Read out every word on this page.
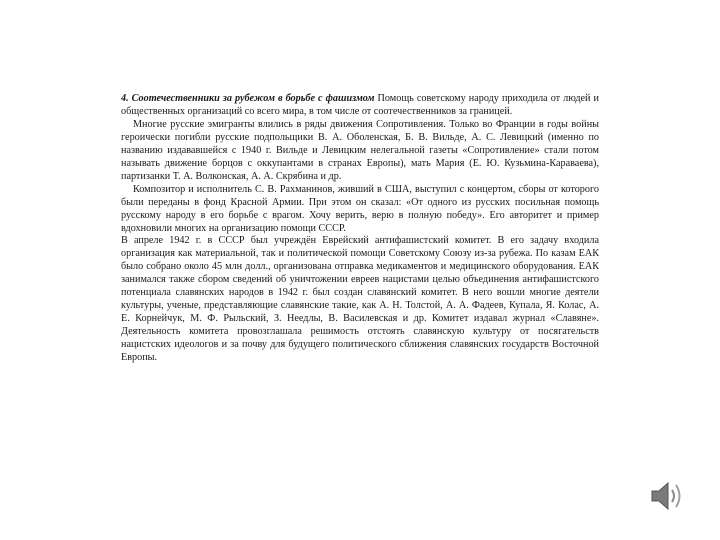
4. Соотечественники за рубежом в борьбе с фашизмом Помощь советскому народу приходила от людей и общественных организаций со всего мира, в том числе от соотечественников за границей.

Многие русские эмигранты влились в ряды движения Сопротивления. Только во Франции в годы войны героически погибли русские подпольщики В. А. Оболенская, Б. В. Вильде, А. С. Левицкий (именно по названию издававшейся с 1940 г. Вильде и Левицким нелегальной газеты «Сопротивление» стали потом называть движение борцов с оккупантами в странах Европы), мать Мария (Е. Ю. Кузьмина-Караваева), партизанки Т. А. Волконская, А. А. Скрябина и др.

Композитор и исполнитель С. В. Рахманинов, живший в США, выступил с концертом, сборы от которого были переданы в фонд Красной Армии. При этом он сказал: «От одного из русских посильная помощь русскому народу в его борьбе с врагом. Хочу верить, верю в полную победу». Его авторитет и пример вдохновили многих на организацию помощи СССР.

В апреле 1942 г. в СССР был учреждён Еврейский антифашистский комитет. В его задачу входила организация как материальной, так и политической помощи Советскому Союзу из-за рубежа. По казам ЕАК было собрано около 45 млн долл., организована отправка медикаментов и медицинского оборудования. ЕАК занимался также сбором сведений об уничтожении евреев нацистами целью объединения антифашистского потенциала славянских народов в 1942 г. был создан славянский комитет. В него вошли многие деятели культуры, ученые, представляющие славянские такие, как А. Н. Толстой, А. А. Фадеев, Купала, Я. Колас, А. Е. Корнейчук, М. Ф. Рыльский, З. Неедлы, В. Василевская и др. Комитет издавал журнал «Славяне». Деятельность комитета провозглашала решимость отстоять славянскую культуру от посягательств нацистских идеологов и за почву для будущего политического сближения славянских государств Восточной Европы.
